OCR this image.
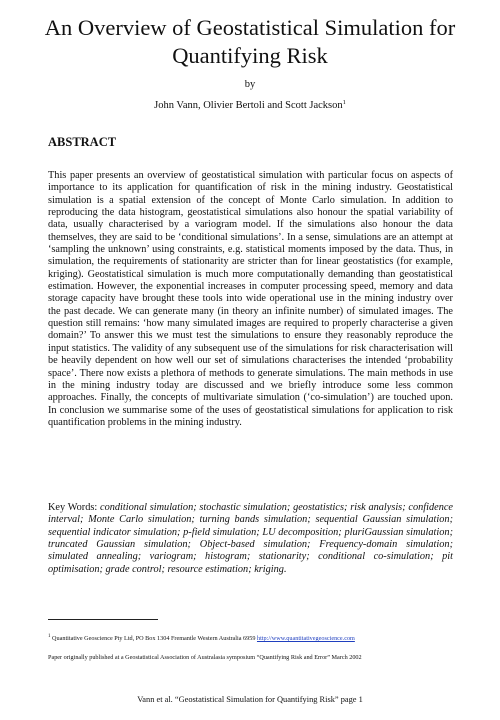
An Overview of Geostatistical Simulation for Quantifying Risk
by
John Vann, Olivier Bertoli and Scott Jackson$^1$
ABSTRACT

This paper presents an overview of geostatistical simulation with particular focus on aspects of importance to its application for quantification of risk in the mining industry. Geostatistical simulation is a spatial extension of the concept of Monte Carlo simulation. In addition to reproducing the data histogram, geostatistical simulations also honour the spatial variability of data, usually characterised by a variogram model. If the simulations also honour the data themselves, they are said to be ‘conditional simulations’. In a sense, simulations are an attempt at ‘sampling the unknown’ using constraints, e.g. statistical moments imposed by the data. Thus, in simulation, the requirements of stationarity are stricter than for linear geostatistics (for example, kriging). Geostatistical simulation is much more computationally demanding than geostatistical estimation. However, the exponential increases in computer processing speed, memory and data storage capacity have brought these tools into wide operational use in the mining industry over the past decade. We can generate many (in theory an infinite number) of simulated images. The question still remains: ‘how many simulated images are required to properly characterise a given domain?’ To answer this we must test the simulations to ensure they reasonably reproduce the input statistics. The validity of any subsequent use of the simulations for risk characterisation will be heavily dependent on how well our set of simulations characterises the intended ‘probability space’. There now exists a plethora of methods to generate simulations. The main methods in use in the mining industry today are discussed and we briefly introduce some less common approaches. Finally, the concepts of multivariate simulation (‘co-simulation’) are touched upon. In conclusion we summarise some of the uses of geostatistical simulations for application to risk quantification problems in the mining industry.

Key Words: conditional simulation; stochastic simulation; geostatistics; risk analysis; confidence interval; Monte Carlo simulation; turning bands simulation; sequential Gaussian simulation; sequential indicator simulation; p-field simulation; LU decomposition; pluriGaussian simulation; truncated Gaussian simulation; Object-based simulation; Frequency-domain simulation; simulated annealing; variogram; histogram; stationarity; conditional co-simulation; pit optimisation; grade control; resource estimation; kriging.

$^1$ Quantitative Geoscience Pty Ltd, PO Box 1304 Fremantle Western Australia 6959 http://www.quantitativegeoscience.com

Paper originally published at a Geostatistical Association of Australasia symposium “Quantifying Risk and Error” March 2002

Vann et al. “Geostatistical Simulation for Quantifying Risk” page 1
